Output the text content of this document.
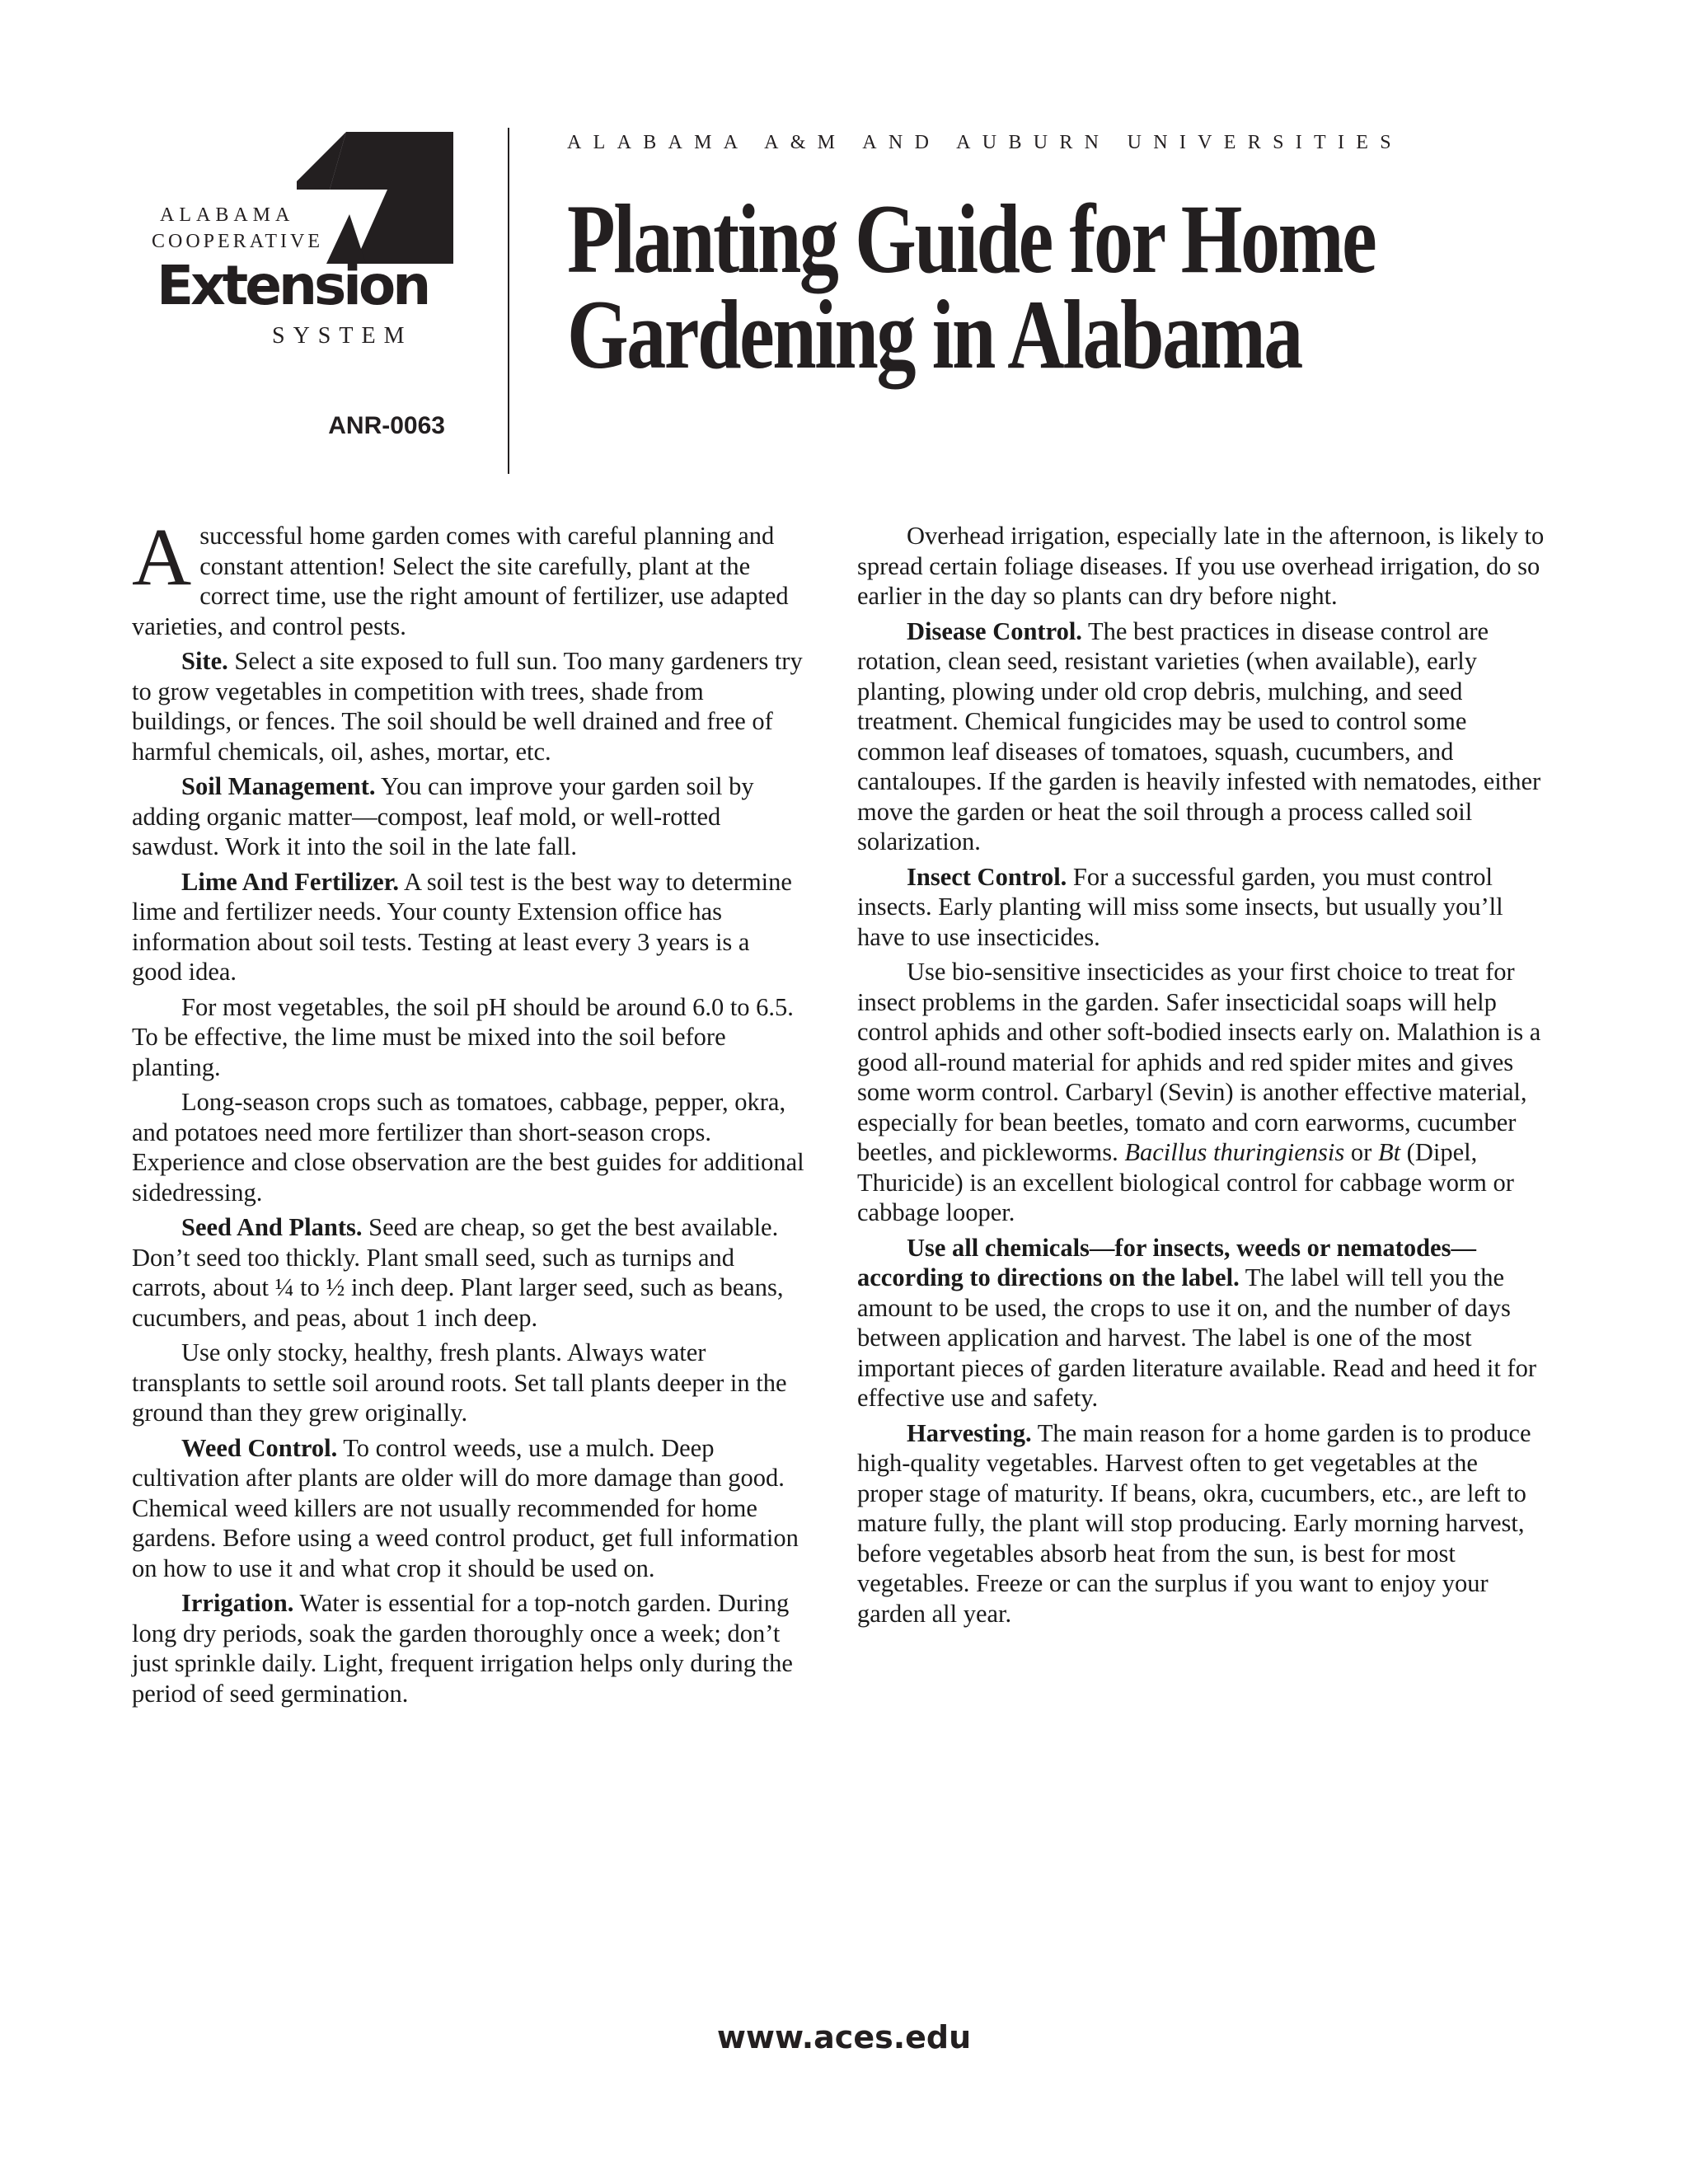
ALABAMA
COOPERATIVE
Extension
SYSTEM
ANR-0063
ALABAMA A&M AND AUBURN UNIVERSITIES
Planting Guide for Home
Gardening in Alabama

A successful home garden comes with careful planning and constant attention! Select the site carefully, plant at the correct time, use the right amount of fertilizer, use adapted varieties, and control pests.

Site. Select a site exposed to full sun. Too many gardeners try to grow vegetables in competition with trees, shade from buildings, or fences. The soil should be well drained and free of harmful chemicals, oil, ashes, mortar, etc.

Soil Management. You can improve your garden soil by adding organic matter—compost, leaf mold, or well-rotted sawdust. Work it into the soil in the late fall.

Lime And Fertilizer. A soil test is the best way to determine lime and fertilizer needs. Your county Extension office has information about soil tests. Testing at least every 3 years is a good idea.

For most vegetables, the soil pH should be around 6.0 to 6.5. To be effective, the lime must be mixed into the soil before planting.

Long-season crops such as tomatoes, cabbage, pepper, okra, and potatoes need more fertilizer than short-season crops. Experience and close observation are the best guides for additional sidedressing.

Seed And Plants. Seed are cheap, so get the best available. Don’t seed too thickly. Plant small seed, such as turnips and carrots, about ¼ to ½ inch deep. Plant larger seed, such as beans, cucumbers, and peas, about 1 inch deep.

Use only stocky, healthy, fresh plants. Always water transplants to settle soil around roots. Set tall plants deeper in the ground than they grew originally.

Weed Control. To control weeds, use a mulch. Deep cultivation after plants are older will do more damage than good. Chemical weed killers are not usually recommended for home gardens. Before using a weed control product, get full information on how to use it and what crop it should be used on.

Irrigation. Water is essential for a top-notch garden. During long dry periods, soak the garden thoroughly once a week; don’t just sprinkle daily. Light, frequent irrigation helps only during the period of seed germination.

Overhead irrigation, especially late in the afternoon, is likely to spread certain foliage diseases. If you use overhead irrigation, do so earlier in the day so plants can dry before night.

Disease Control. The best practices in disease control are rotation, clean seed, resistant varieties (when available), early planting, plowing under old crop debris, mulching, and seed treatment. Chemical fungicides may be used to control some common leaf diseases of tomatoes, squash, cucumbers, and cantaloupes. If the garden is heavily infested with nematodes, either move the garden or heat the soil through a process called soil solarization.

Insect Control. For a successful garden, you must control insects. Early planting will miss some insects, but usually you’ll have to use insecticides.

Use bio-sensitive insecticides as your first choice to treat for insect problems in the garden. Safer insecticidal soaps will help control aphids and other soft-bodied insects early on. Malathion is a good all-round material for aphids and red spider mites and gives some worm control. Carbaryl (Sevin) is another effective material, especially for bean beetles, tomato and corn earworms, cucumber beetles, and pickleworms. Bacillus thuringiensis or Bt (Dipel, Thuricide) is an excellent biological control for cabbage worm or cabbage looper.

Use all chemicals—for insects, weeds or nematodes—according to directions on the label. The label will tell you the amount to be used, the crops to use it on, and the number of days between application and harvest. The label is one of the most important pieces of garden literature available. Read and heed it for effective use and safety.

Harvesting. The main reason for a home garden is to produce high-quality vegetables. Harvest often to get vegetables at the proper stage of maturity. If beans, okra, cucumbers, etc., are left to mature fully, the plant will stop producing. Early morning harvest, before vegetables absorb heat from the sun, is best for most vegetables. Freeze or can the surplus if you want to enjoy your garden all year.

www.aces.edu
